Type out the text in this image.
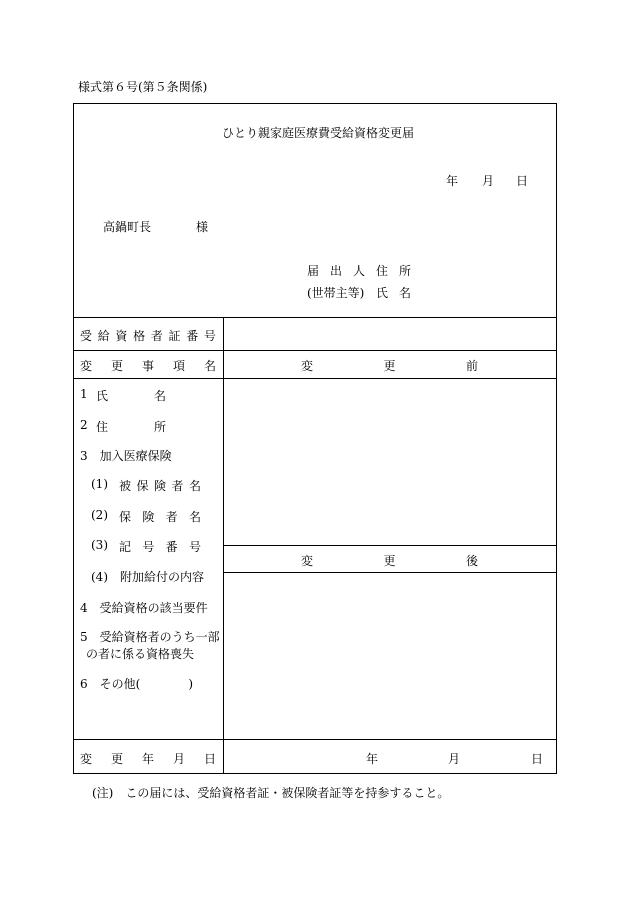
様式第６号(第５条関係)
ひとり親家庭医療費受給資格変更届
年 月 日
高鍋町長	様
届 出 人 住 所
(世帯主等) 氏 名
受 給 資 格 者 証 番 号
変 更 事 項 名	変	更	前
1 氏	名
2 住	所
3　加入医療保険
(1) 被 保 険 者 名
(2) 保 険 者 名
(3) 記 号 番 号
(4)　附加給付の内容
4　受給資格の該当要件
5　受給資格者のうち一部
の者に係る資格喪失
6　その他(　　　　)
変	更	後
変 更 年 月 日	年	月	日
(注)　この届には、受給資格者証・被保険者証等を持参すること。
